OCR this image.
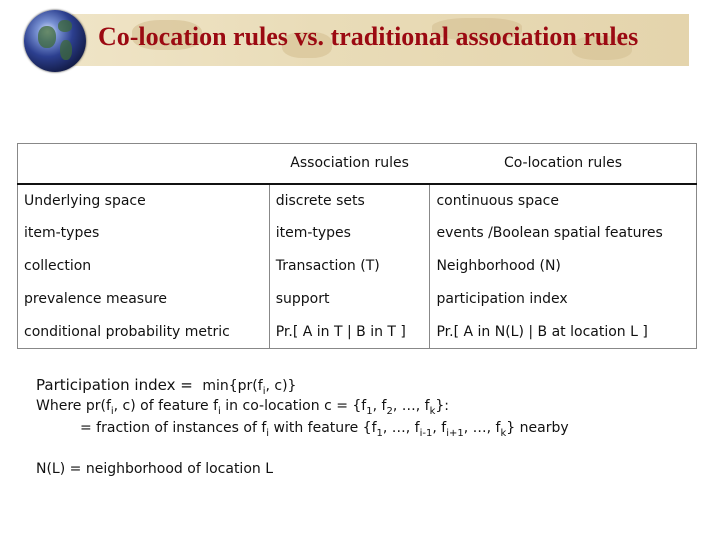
Co-location rules vs. traditional association rules
	Association rules	Co-location rules
Underlying space	discrete sets	continuous space
item-types	item-types	events /Boolean spatial features
collection	Transaction (T)	Neighborhood (N)
prevalence measure	support	participation index
conditional probability metric	Pr.[ A in T | B in T ]	Pr.[ A in N(L) | B at location L ]
Participation index = $\min\{pr(f_i$, c)}
Where $pr(f_i$, c) of feature $f_i$ in co-location $c = \{f_1$, $f_2$, …, $f_k$}:
= fraction of instances of $f_i$ with feature {$f_1$, …, $f_{i-1}$, $f_{i+1}$, …, $f_k$} nearby
N(L) = neighborhood of location L
